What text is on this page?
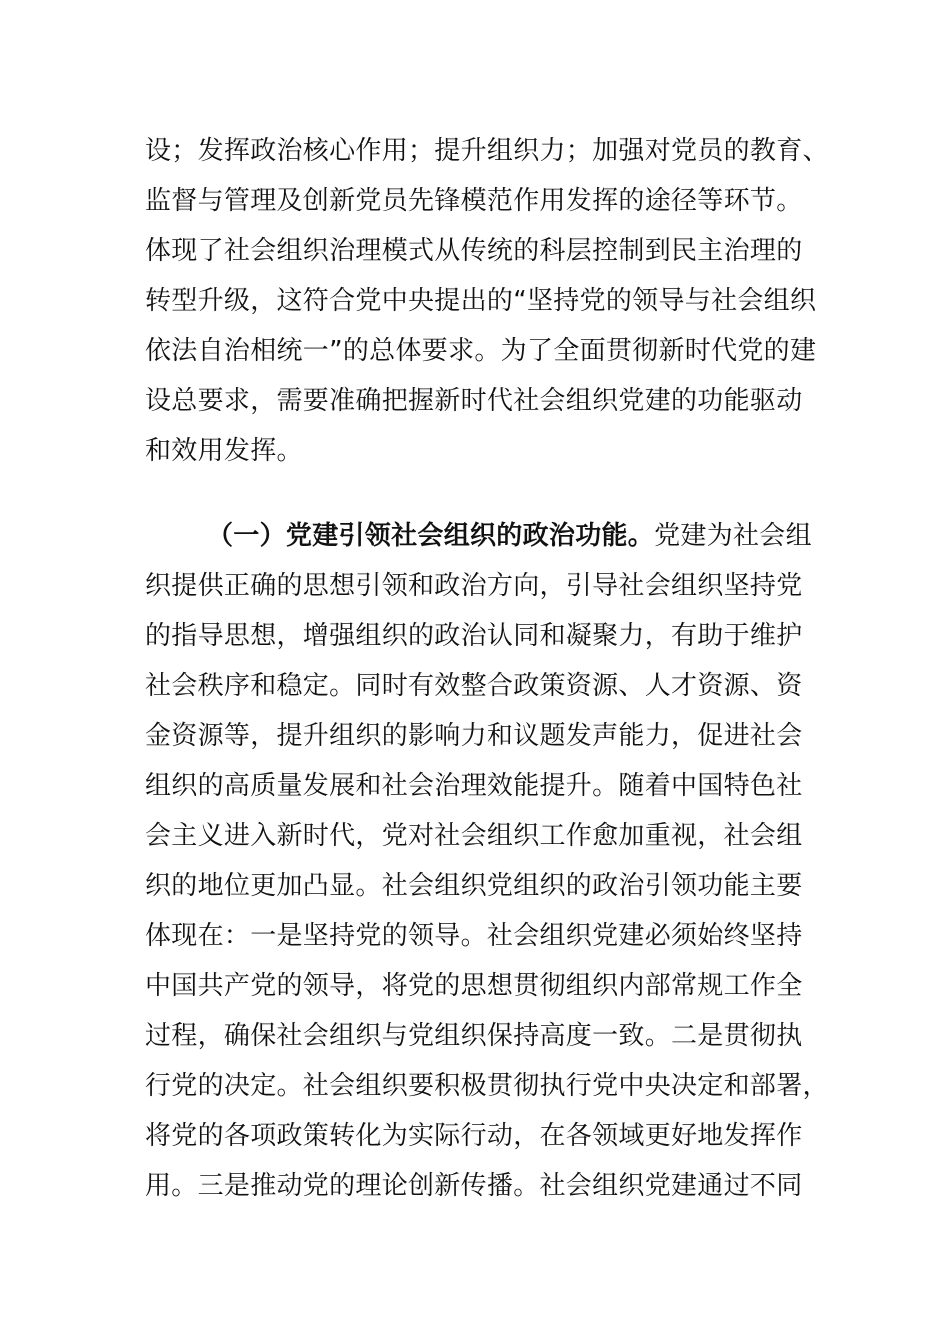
设；发挥政治核心作用；提升组织力；加强对党员的教育、
监督与管理及创新党员先锋模范作用发挥的途径等环节。
体现了社会组织治理模式从传统的科层控制到民主治理的
转型升级，这符合党中央提出的“坚持党的领导与社会组织
依法自治相统一”的总体要求。为了全面贯彻新时代党的建
设总要求，需要准确把握新时代社会组织党建的功能驱动
和效用发挥。
（一）党建引领社会组织的政治功能。党建为社会组
织提供正确的思想引领和政治方向，引导社会组织坚持党
的指导思想，增强组织的政治认同和凝聚力，有助于维护
社会秩序和稳定。同时有效整合政策资源、人才资源、资
金资源等，提升组织的影响力和议题发声能力，促进社会
组织的高质量发展和社会治理效能提升。随着中国特色社
会主义进入新时代，党对社会组织工作愈加重视，社会组
织的地位更加凸显。社会组织党组织的政治引领功能主要
体现在：一是坚持党的领导。社会组织党建必须始终坚持
中国共产党的领导，将党的思想贯彻组织内部常规工作全
过程，确保社会组织与党组织保持高度一致。二是贯彻执
行党的决定。社会组织要积极贯彻执行党中央决定和部署，
将党的各项政策转化为实际行动，在各领域更好地发挥作
用。三是推动党的理论创新传播。社会组织党建通过不同
